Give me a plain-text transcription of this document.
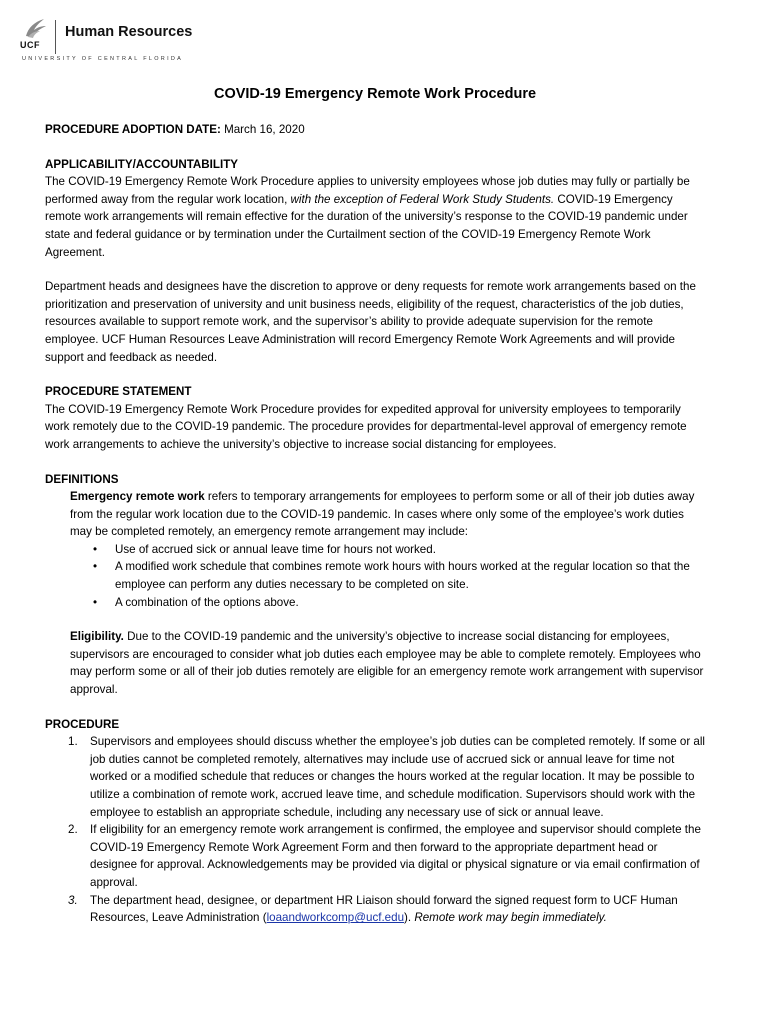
UCF
Human Resources
UNIVERSITY OF CENTRAL FLORIDA
COVID-19 Emergency Remote Work Procedure

PROCEDURE ADOPTION DATE: March 16, 2020

APPLICABILITY/ACCOUNTABILITY

The COVID-19 Emergency Remote Work Procedure applies to university employees whose job duties may fully or partially be performed away from the regular work location, with the exception of Federal Work Study Students. COVID-19 Emergency remote work arrangements will remain effective for the duration of the university’s response to the COVID-19 pandemic under state and federal guidance or by termination under the Curtailment section of the COVID-19 Emergency Remote Work Agreement.

Department heads and designees have the discretion to approve or deny requests for remote work arrangements based on the prioritization and preservation of university and unit business needs, eligibility of the request, characteristics of the job duties, resources available to support remote work, and the supervisor’s ability to provide adequate supervision for the remote employee. UCF Human Resources Leave Administration will record Emergency Remote Work Agreements and will provide support and feedback as needed.

PROCEDURE STATEMENT

The COVID-19 Emergency Remote Work Procedure provides for expedited approval for university employees to temporarily work remotely due to the COVID-19 pandemic. The procedure provides for departmental-level approval of emergency remote work arrangements to achieve the university’s objective to increase social distancing for employees.

DEFINITIONS

Emergency remote work refers to temporary arrangements for employees to perform some or all of their job duties away from the regular work location due to the COVID-19 pandemic. In cases where only some of the employee’s work duties may be completed remotely, an emergency remote arrangement may include:

• Use of accrued sick or annual leave time for hours not worked.
• A modified work schedule that combines remote work hours with hours worked at the regular location so that the employee can perform any duties necessary to be completed on site.
• A combination of the options above.

Eligibility. Due to the COVID-19 pandemic and the university’s objective to increase social distancing for employees, supervisors are encouraged to consider what job duties each employee may be able to complete remotely. Employees who may perform some or all of their job duties remotely are eligible for an emergency remote work arrangement with supervisor approval.

PROCEDURE

1. Supervisors and employees should discuss whether the employee’s job duties can be completed remotely. If some or all job duties cannot be completed remotely, alternatives may include use of accrued sick or annual leave for time not worked or a modified schedule that reduces or changes the hours worked at the regular location. It may be possible to utilize a combination of remote work, accrued leave time, and schedule modification. Supervisors should work with the employee to establish an appropriate schedule, including any necessary use of sick or annual leave.
2. If eligibility for an emergency remote work arrangement is confirmed, the employee and supervisor should complete the COVID-19 Emergency Remote Work Agreement Form and then forward to the appropriate department head or designee for approval. Acknowledgements may be provided via digital or physical signature or via email confirmation of approval.
3. The department head, designee, or department HR Liaison should forward the signed request form to UCF Human Resources, Leave Administration (loaandworkcomp@ucf.edu). Remote work may begin immediately.
